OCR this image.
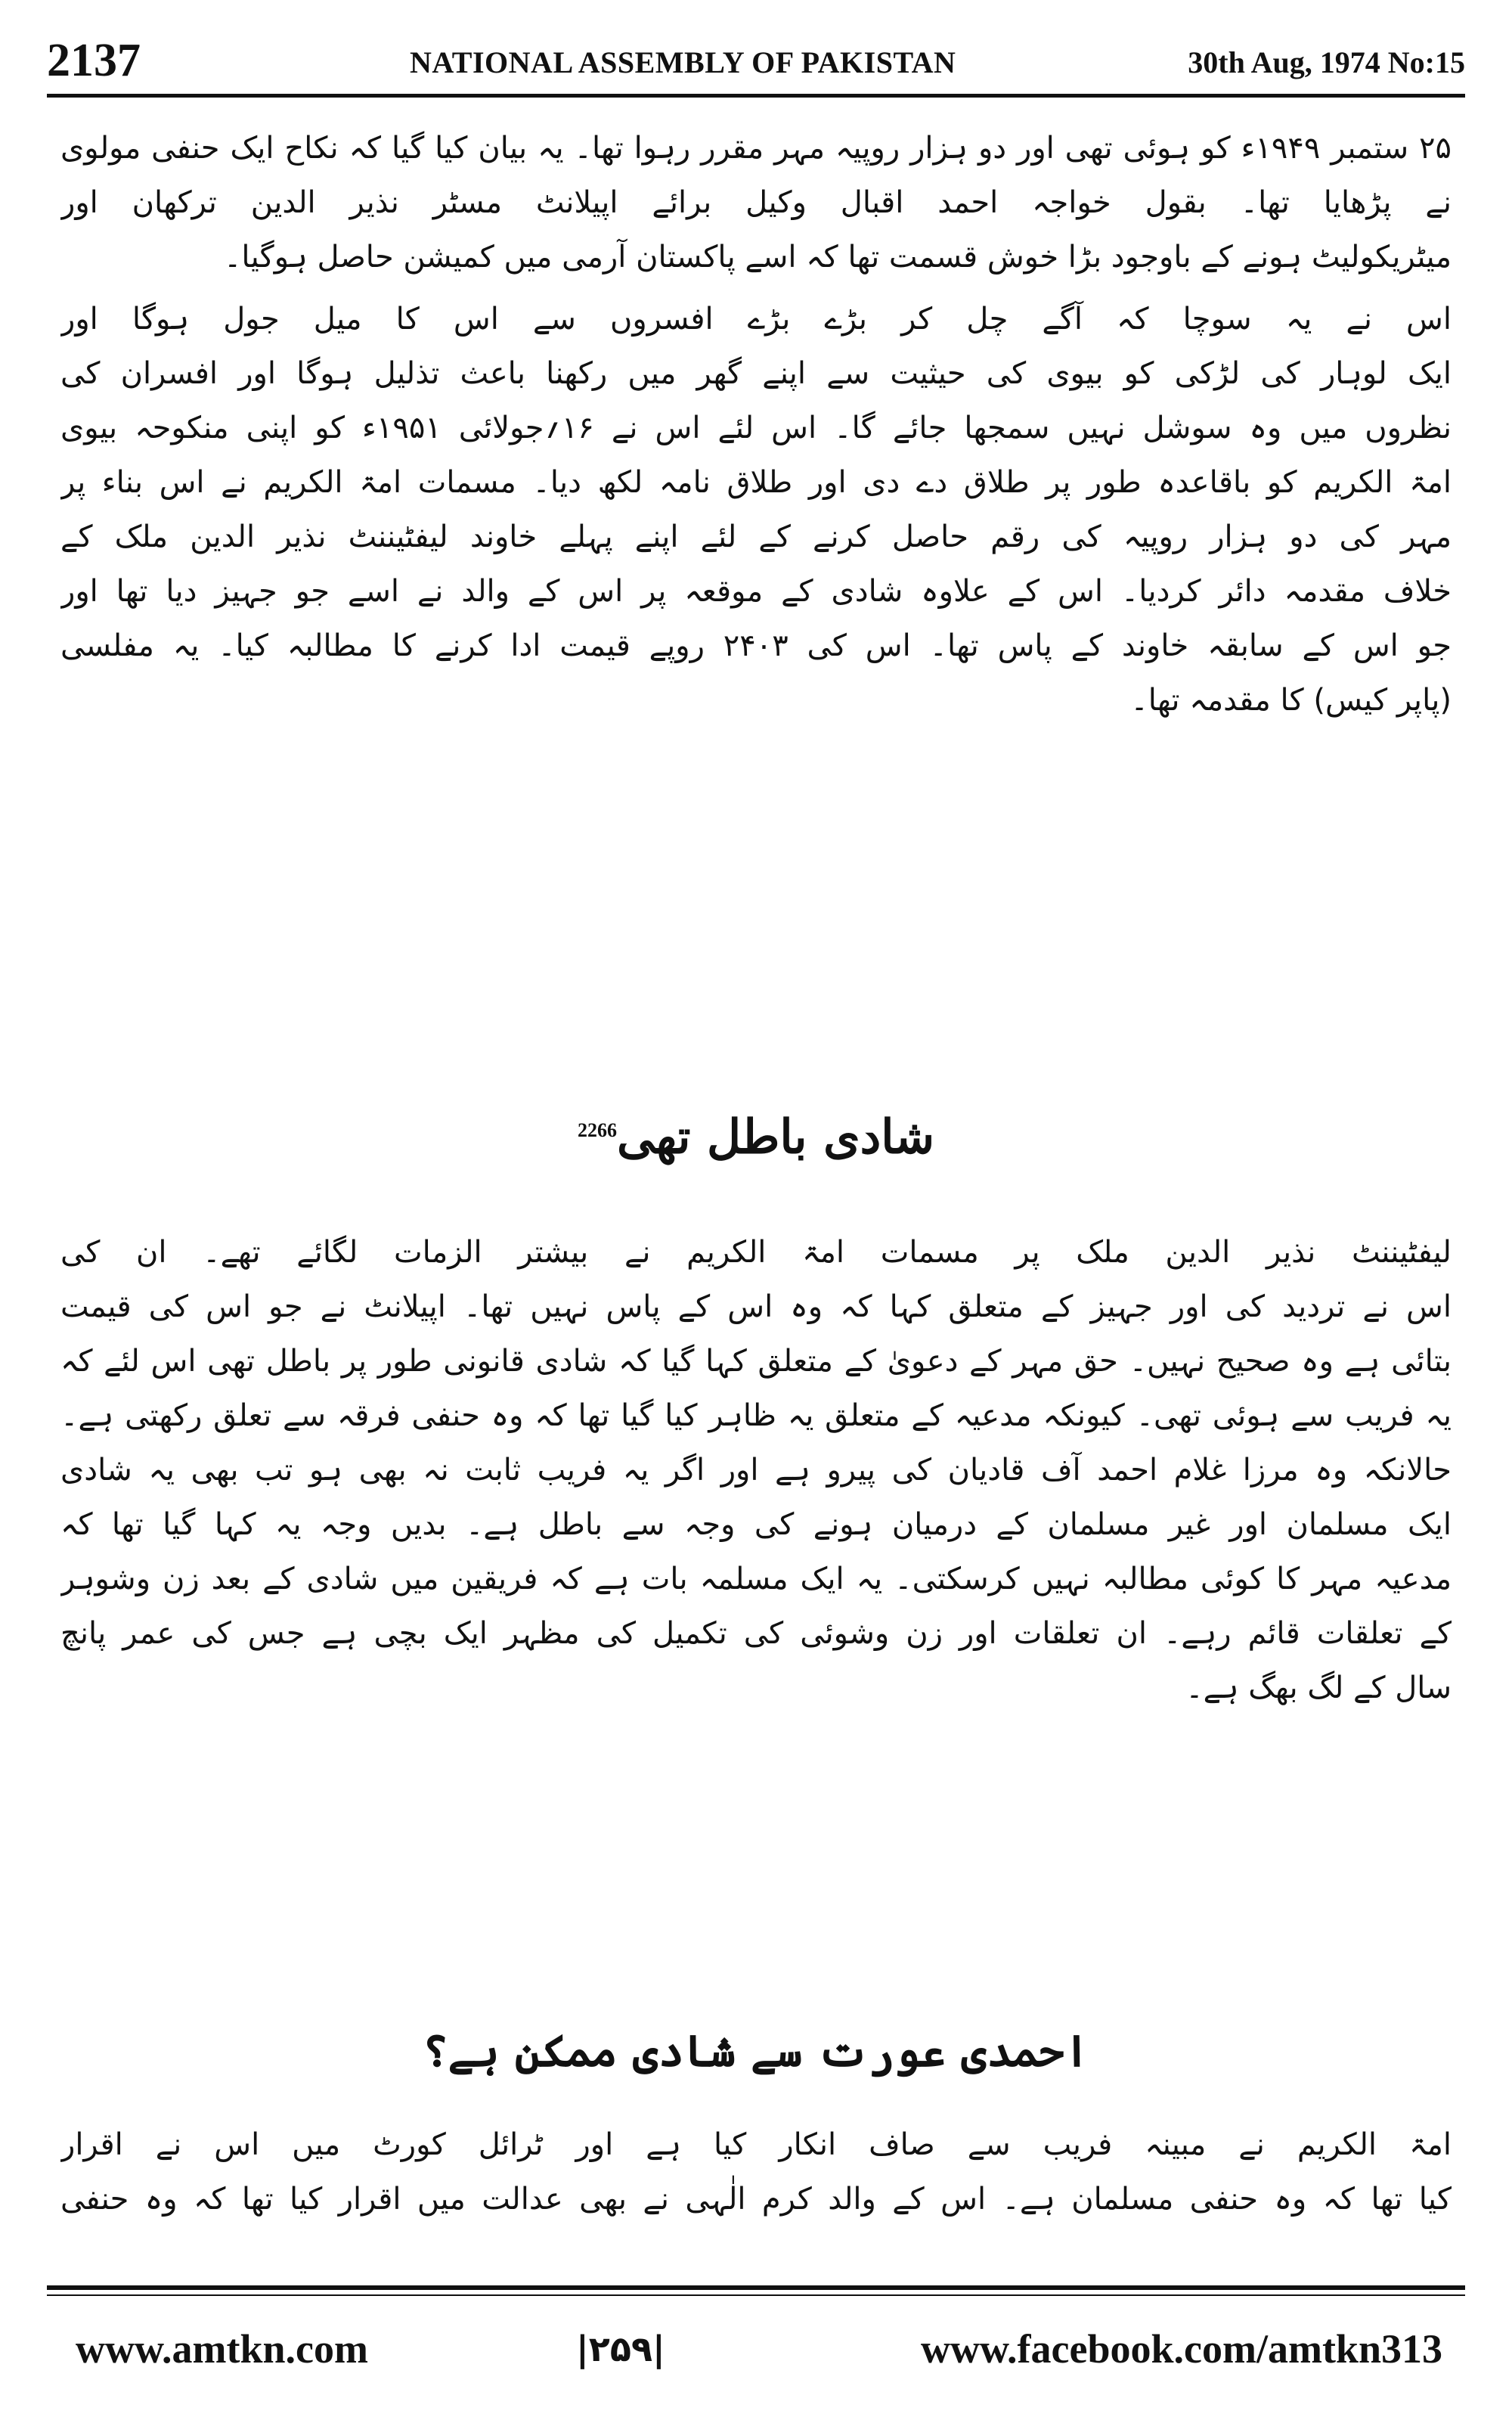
2137	NATIONAL ASSEMBLY OF PAKISTAN	30th Aug, 1974 No:15

۲۵ ستمبر ۱۹۴۹ء کو ہوئی تھی اور دو ہزار روپیہ مہر مقرر رہوا تھا۔ یہ بیان کیا گیا کہ نکاح ایک حنفی مولوی
نے پڑھایا تھا۔ بقول خواجہ احمد اقبال وکیل برائے اپیلانٹ مسٹر نذیر الدین ترکھان اور
میٹریکولیٹ ہونے کے باوجود بڑا خوش قسمت تھا کہ اسے پاکستان آرمی میں کمیشن حاصل ہوگیا۔

اس نے یہ سوچا کہ آگے چل کر بڑے بڑے افسروں سے اس کا میل جول ہوگا اور
ایک لوہار کی لڑکی کو بیوی کی حیثیت سے اپنے گھر میں رکھنا باعث تذلیل ہوگا اور افسران کی
نظروں میں وہ سوشل نہیں سمجھا جائے گا۔ اس لئے اس نے ۱۶؍جولائی ۱۹۵۱ء کو اپنی منکوحہ بیوی
امۃ الکریم کو باقاعدہ طور پر طلاق دے دی اور طلاق نامہ لکھ دیا۔ مسمات امۃ الکریم نے اس بناء پر
مہر کی دو ہزار روپیہ کی رقم حاصل کرنے کے لئے اپنے پہلے خاوند لیفٹیننٹ نذیر الدین ملک کے
خلاف مقدمہ دائر کردیا۔ اس کے علاوہ شادی کے موقعہ پر اس کے والد نے اسے جو جہیز دیا تھا اور
جو اس کے سابقہ خاوند کے پاس تھا۔ اس کی ۲۴۰۳ روپے قیمت ادا کرنے کا مطالبہ کیا۔ یہ مفلسی
(پاپر کیس) کا مقدمہ تھا۔

شادی باطل تھی$^{2266}$

لیفٹیننٹ نذیر الدین ملک پر مسمات امۃ الکریم نے بیشتر الزمات لگائے تھے۔ ان کی
اس نے تردید کی اور جہیز کے متعلق کہا کہ وہ اس کے پاس نہیں تھا۔ اپیلانٹ نے جو اس کی قیمت
بتائی ہے وہ صحیح نہیں۔ حق مہر کے دعویٰ کے متعلق کہا گیا کہ شادی قانونی طور پر باطل تھی اس لئے کہ
یہ فریب سے ہوئی تھی۔ کیونکہ مدعیہ کے متعلق یہ ظاہر کیا گیا تھا کہ وہ حنفی فرقہ سے تعلق رکھتی ہے۔
حالانکہ وہ مرزا غلام احمد آف قادیان کی پیرو ہے اور اگر یہ فریب ثابت نہ بھی ہو تب بھی یہ شادی
ایک مسلمان اور غیر مسلمان کے درمیان ہونے کی وجہ سے باطل ہے۔ بدیں وجہ یہ کہا گیا تھا کہ
مدعیہ مہر کا کوئی مطالبہ نہیں کرسکتی۔ یہ ایک مسلمہ بات ہے کہ فریقین میں شادی کے بعد زن وشوہر
کے تعلقات قائم رہے۔ ان تعلقات اور زن وشوئی کی تکمیل کی مظہر ایک بچی ہے جس کی عمر پانچ
سال کے لگ بھگ ہے۔

احمدی عورت سے شادی ممکن ہے؟

امۃ الکریم نے مبینہ فریب سے صاف انکار کیا ہے اور ٹرائل کورٹ میں اس نے اقرار
کیا تھا کہ وہ حنفی مسلمان ہے۔ اس کے والد کرم الٰہی نے بھی عدالت میں اقرار کیا تھا کہ وہ حنفی

www.amtkn.com	|۲۵۹|	www.facebook.com/amtkn313
